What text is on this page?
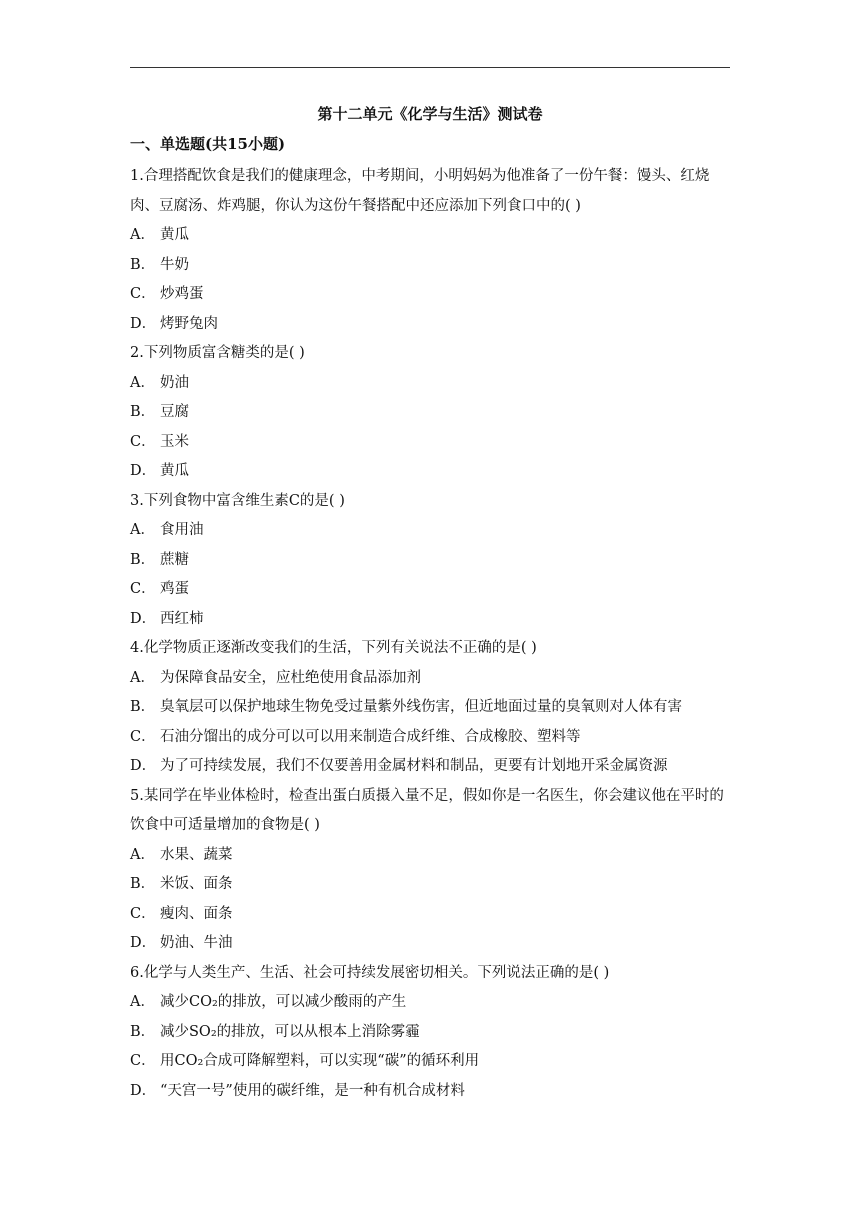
第十二单元《化学与生活》测试卷
一、单选题(共15小题)

1.合理搭配饮食是我们的健康理念，中考期间，小明妈妈为他准备了一份午餐：馒头、红烧肉、豆腐汤、炸鸡腿，你认为这份午餐搭配中还应添加下列食口中的( )

A． 黄瓜

B． 牛奶

C． 炒鸡蛋

D． 烤野兔肉

2.下列物质富含糖类的是( )

A． 奶油

B． 豆腐

C． 玉米

D． 黄瓜

3.下列食物中富含维生素C的是( )

A． 食用油

B． 蔗糖

C． 鸡蛋

D． 西红柿

4.化学物质正逐渐改变我们的生活，下列有关说法不正确的是( )

A． 为保障食品安全，应杜绝使用食品添加剂

B． 臭氧层可以保护地球生物免受过量紫外线伤害，但近地面过量的臭氧则对人体有害

C． 石油分馏出的成分可以可以用来制造合成纤维、合成橡胶、塑料等

D． 为了可持续发展，我们不仅要善用金属材料和制品，更要有计划地开采金属资源

5.某同学在毕业体检时，检查出蛋白质摄入量不足，假如你是一名医生，你会建议他在平时的饮食中可适量增加的食物是( )

A． 水果、蔬菜

B． 米饭、面条

C． 瘦肉、面条

D． 奶油、牛油

6.化学与人类生产、生活、社会可持续发展密切相关。下列说法正确的是( )

A． 减少CO₂的排放，可以减少酸雨的产生

B． 减少SO₂的排放，可以从根本上消除雾霾

C． 用CO₂合成可降解塑料，可以实现“碳”的循环利用

D． “天宫一号”使用的碳纤维，是一种有机合成材料
